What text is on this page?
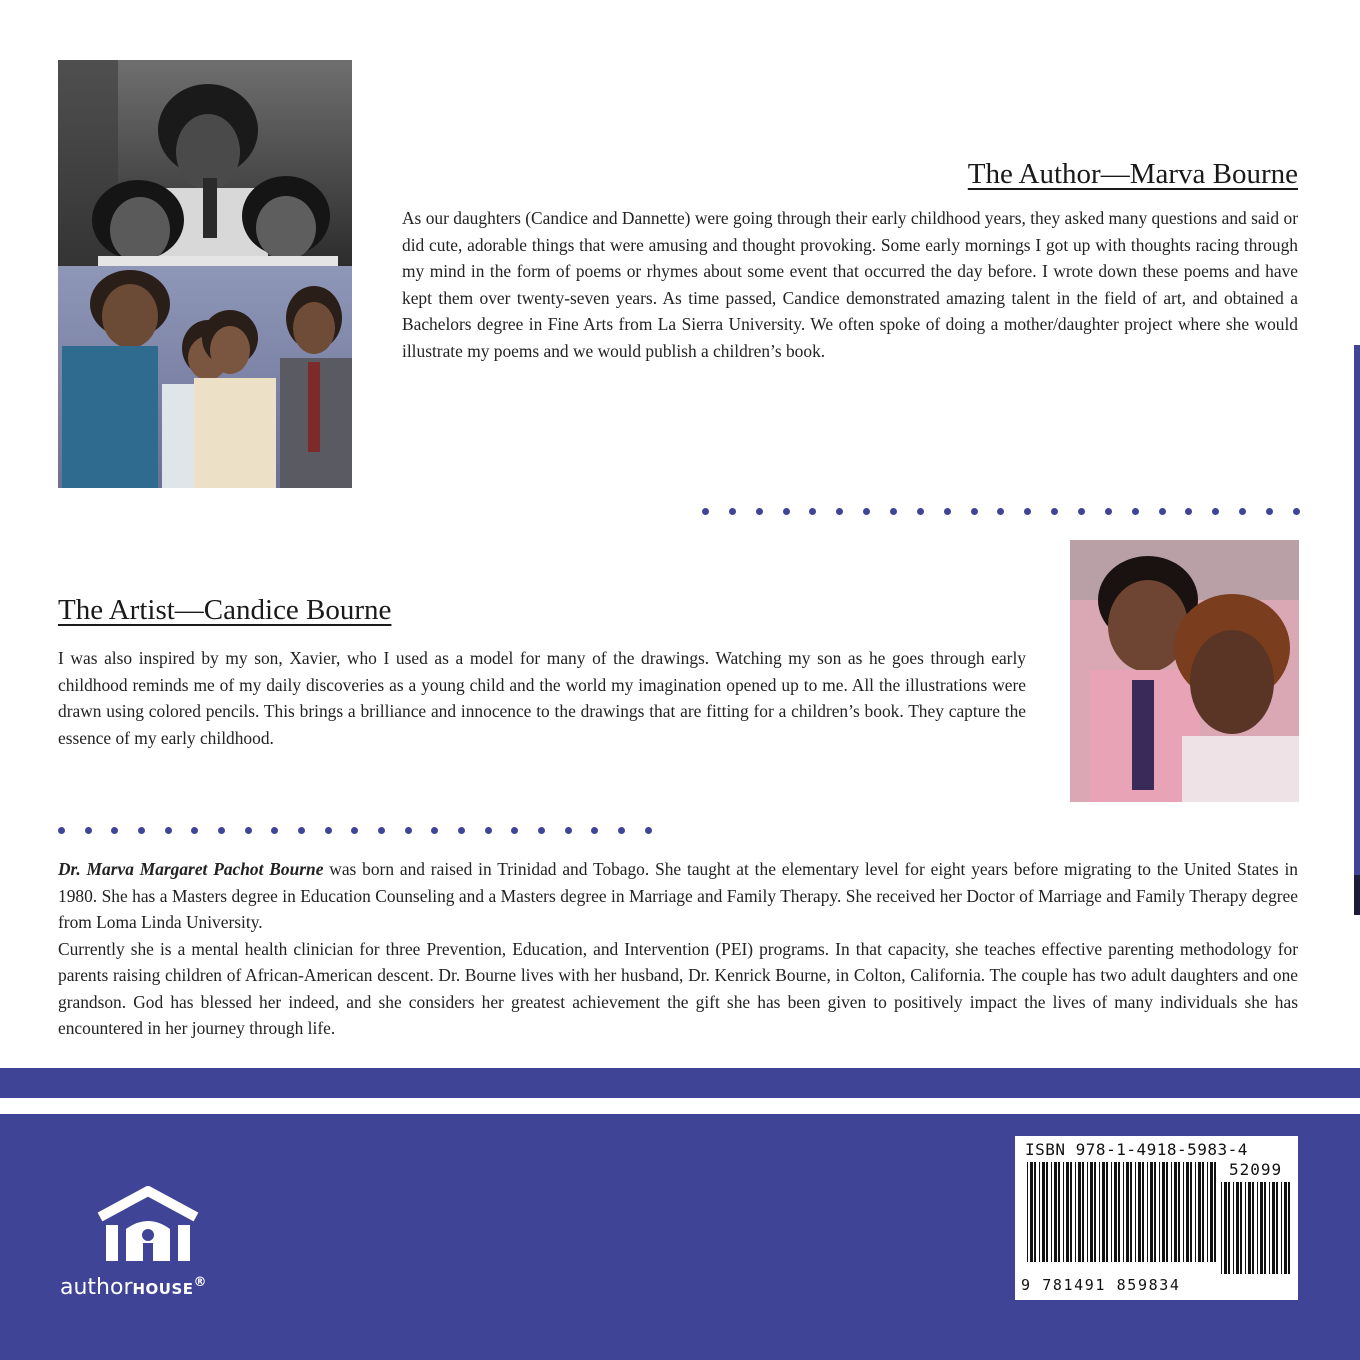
The Author—Marva Bourne

As our daughters (Candice and Dannette) were going through their early childhood years, they asked many questions and said or did cute, adorable things that were amusing and thought provoking. Some early mornings I got up with thoughts racing through my mind in the form of poems or rhymes about some event that occurred the day before. I wrote down these poems and have kept them over twenty-seven years. As time passed, Candice demonstrated amazing talent in the field of art, and obtained a Bachelors degree in Fine Arts from La Sierra University. We often spoke of doing a mother/daughter project where she would illustrate my poems and we would publish a children’s book.

The Artist—Candice Bourne

I was also inspired by my son, Xavier, who I used as a model for many of the drawings. Watching my son as he goes through early childhood reminds me of my daily discoveries as a young child and the world my imagination opened up to me. All the illustrations were drawn using colored pencils. This brings a brilliance and innocence to the drawings that are fitting for a children’s book. They capture the essence of my early childhood.

Dr. Marva Margaret Pachot Bourne was born and raised in Trinidad and Tobago. She taught at the elementary level for eight years before migrating to the United States in 1980. She has a Masters degree in Education Counseling and a Masters degree in Marriage and Family Therapy. She received her Doctor of Marriage and Family Therapy degree from Loma Linda University.

Currently she is a mental health clinician for three Prevention, Education, and Intervention (PEI) programs. In that capacity, she teaches effective parenting methodology for parents raising children of African-American descent. Dr. Bourne lives with her husband, Dr. Kenrick Bourne, in Colton, California. The couple has two adult daughters and one grandson. God has blessed her indeed, and she considers her greatest achievement the gift she has been given to positively impact the lives of many individuals she has encountered in her journey through life.

authorHOUSE®
ISBN 978-1-4918-5983-4
52099
9 781491 859834
